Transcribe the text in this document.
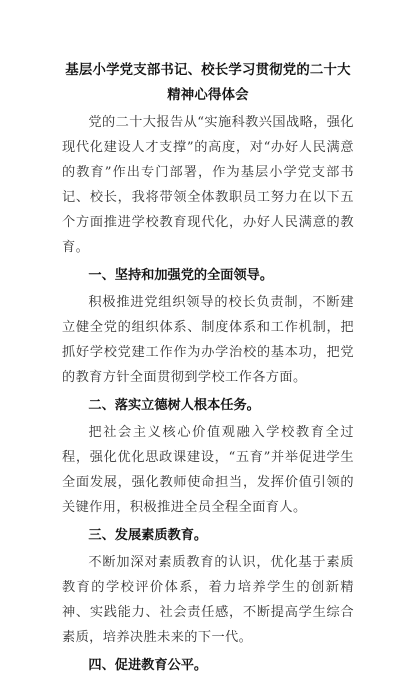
基层小学党支部书记、校长学习贯彻党的二十大精神心得体会

党的二十大报告从“实施科教兴国战略，强化现代化建设人才支撑”的高度，对“办好人民满意的教育”作出专门部署，作为基层小学党支部书记、校长，我将带领全体教职员工努力在以下五个方面推进学校教育现代化，办好人民满意的教育。

一、坚持和加强党的全面领导。

积极推进党组织领导的校长负责制，不断建立健全党的组织体系、制度体系和工作机制，把抓好学校党建工作作为办学治校的基本功，把党的教育方针全面贯彻到学校工作各方面。

二、落实立德树人根本任务。

把社会主义核心价值观融入学校教育全过程，强化优化思政课建设，“五育”并举促进学生全面发展，强化教师使命担当，发挥价值引领的关键作用，积极推进全员全程全面育人。

三、发展素质教育。

不断加深对素质教育的认识，优化基于素质教育的学校评价体系，着力培养学生的创新精神、实践能力、社会责任感，不断提高学生综合素质，培养决胜未来的下一代。

四、促进教育公平。
